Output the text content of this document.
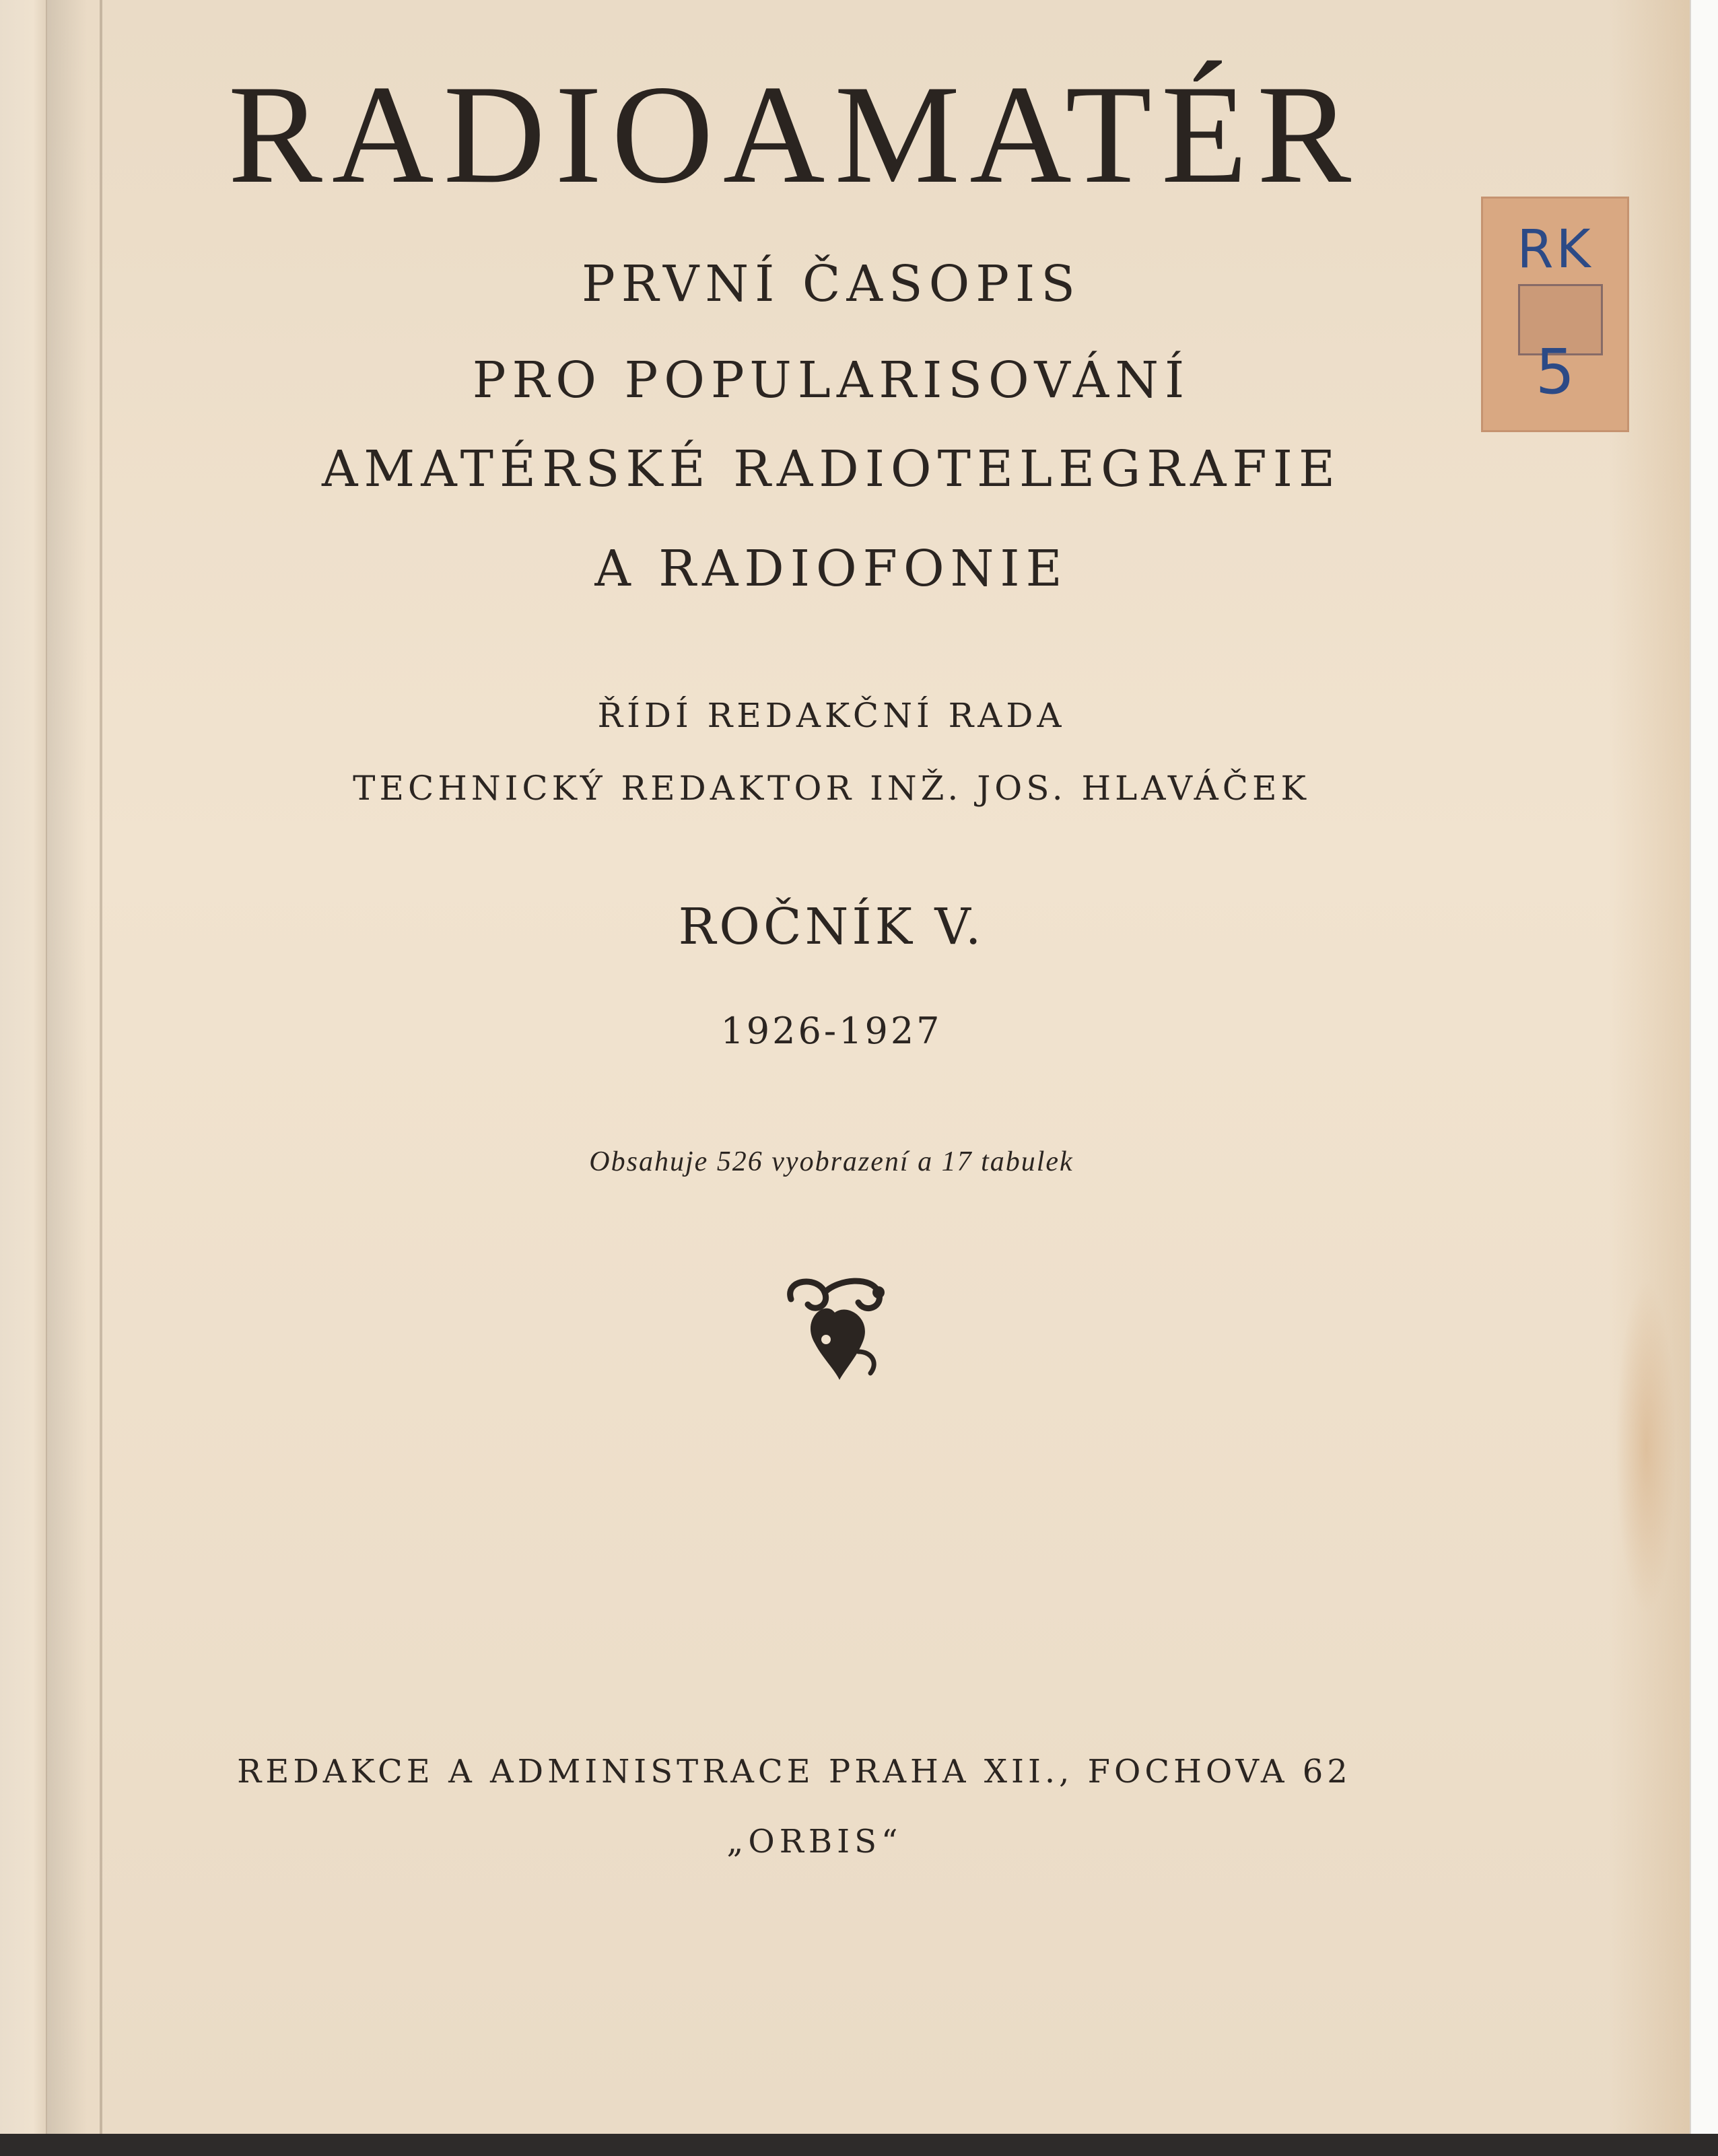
RADIOAMATÉR
PRVNÍ ČASOPIS
PRO POPULARISOVÁNÍ
AMATÉRSKÉ RADIOTELEGRAFIE
A RADIOFONIE
ŘÍDÍ REDAKČNÍ RADA
TECHNICKÝ REDAKTOR INŽ. JOS. HLAVÁČEK
ROČNÍK V.
1926-1927
Obsahuje 526 vyobrazení a 17 tabulek
REDAKCE A ADMINISTRACE PRAHA XII., FOCHOVA 62
„ORBIS“
RK
5
